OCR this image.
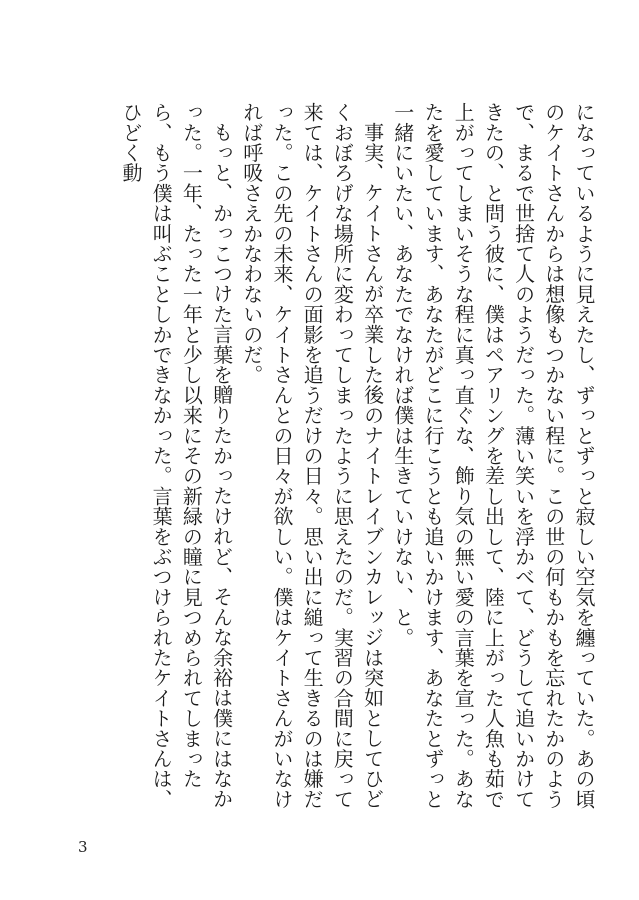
になっているように見えたし、ずっとずっと寂しい空気を纏っていた。あの頃のケイトさんからは想像もつかない程に。この世の何もかもを忘れたかのようで、まるで世捨て人のようだった。薄い笑いを浮かべて、どうして追いかけてきたの、と問う彼に、僕はペアリングを差し出して、陸に上がった人魚も茹で上がってしまいそうな程に真っ直ぐな、飾り気の無い愛の言葉を宣った。あなたを愛しています、あなたがどこに行こうとも追いかけます、あなたとずっと一緒にいたい、あなたでなければ僕は生きていけない、と。

事実、ケイトさんが卒業した後のナイトレイブンカレッジは突如としてひどくおぼろげな場所に変わってしまったように思えたのだ。実習の合間に戻って来ては、ケイトさんの面影を追うだけの日々。思い出に縋って生きるのは嫌だった。この先の未来、ケイトさんとの日々が欲しい。僕はケイトさんがいなければ呼吸さえかなわないのだ。

もっと、かっこつけた言葉を贈りたかったけれど、そんな余裕は僕にはなかった。一年、たった一年と少し以来にその新緑の瞳に見つめられてしまったら、もう僕は叫ぶことしかできなかった。言葉をぶつけられたケイトさんは、ひどく動

3
